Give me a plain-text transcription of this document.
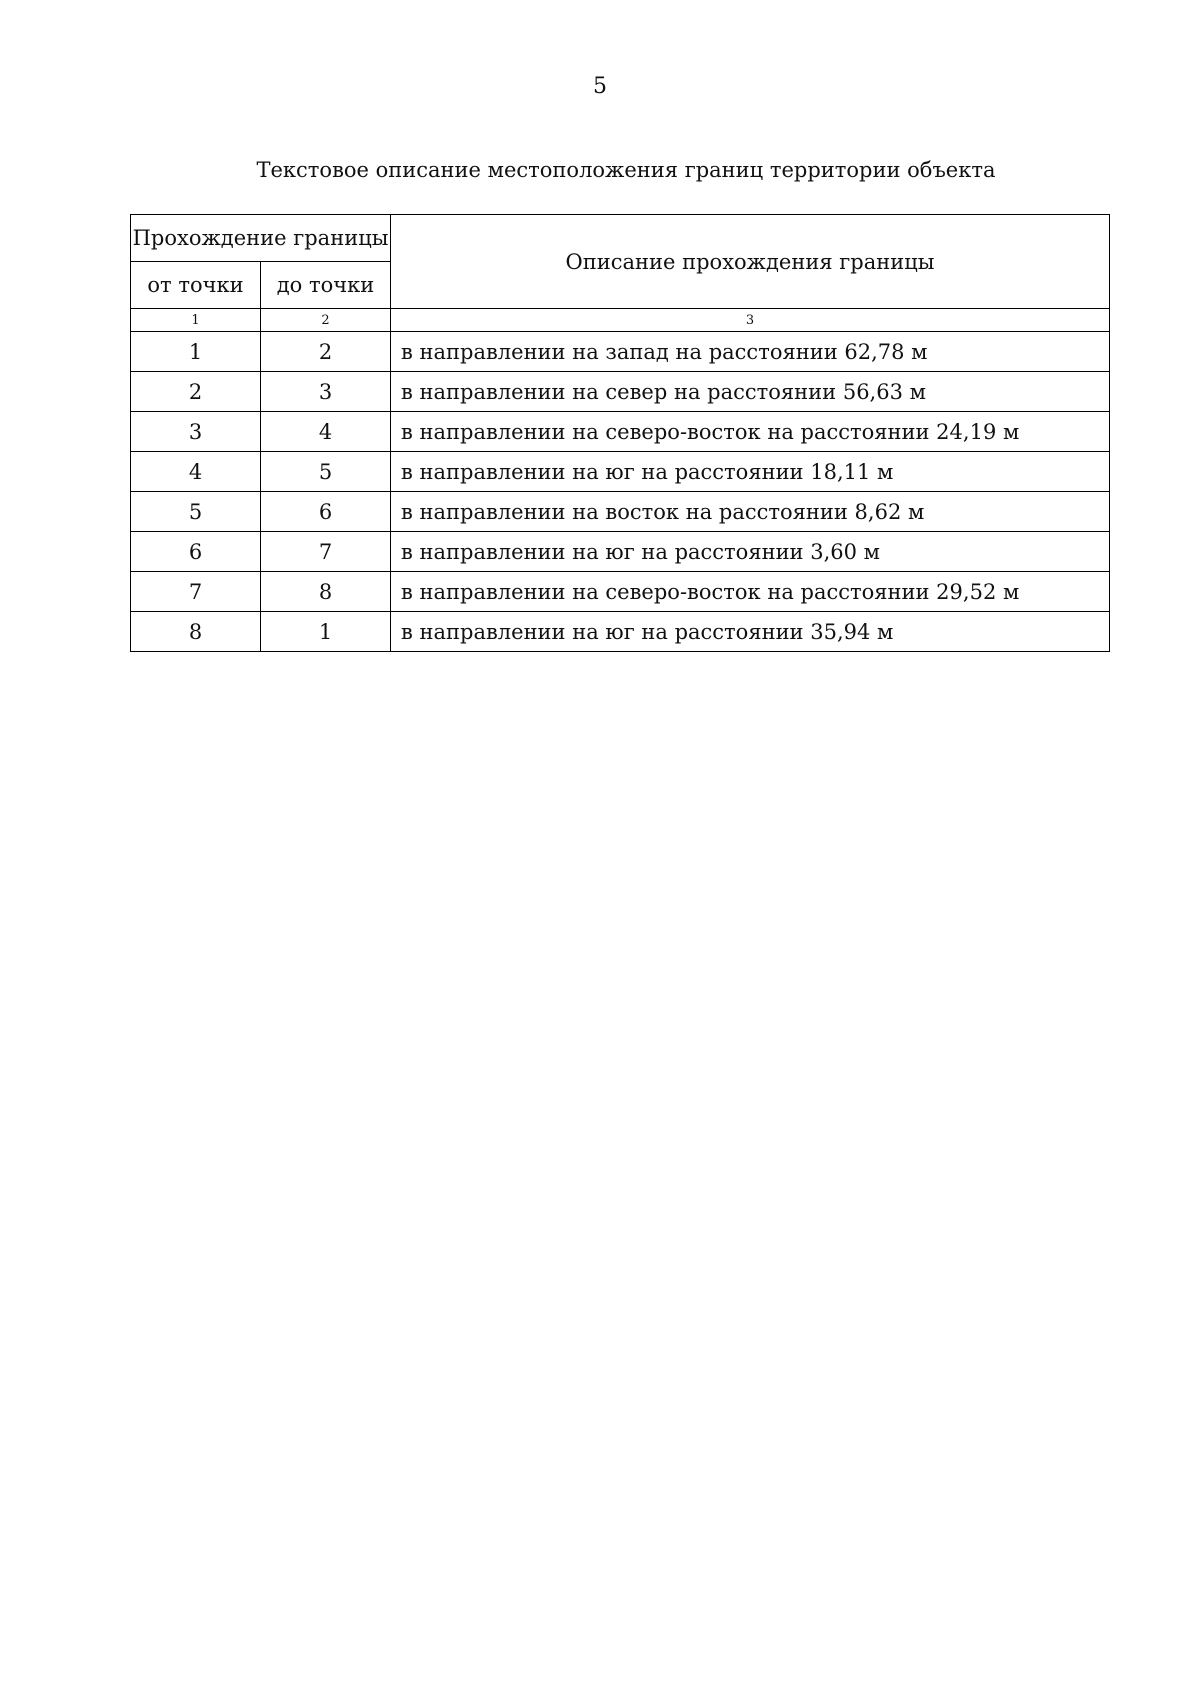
5
Текстовое описание местоположения границ территории объекта
Прохождение границы		Описание прохождения границы
от точки	до точки	
1	2	3
1	2	в направлении на запад на расстоянии 62,78 м
2	3	в направлении на север на расстоянии 56,63 м
3	4	в направлении на северо-восток на расстоянии 24,19 м
4	5	в направлении на юг на расстоянии 18,11 м
5	6	в направлении на восток на расстоянии 8,62 м
6	7	в направлении на юг на расстоянии 3,60 м
7	8	в направлении на северо-восток на расстоянии 29,52 м
8	1	в направлении на юг на расстоянии 35,94 м
